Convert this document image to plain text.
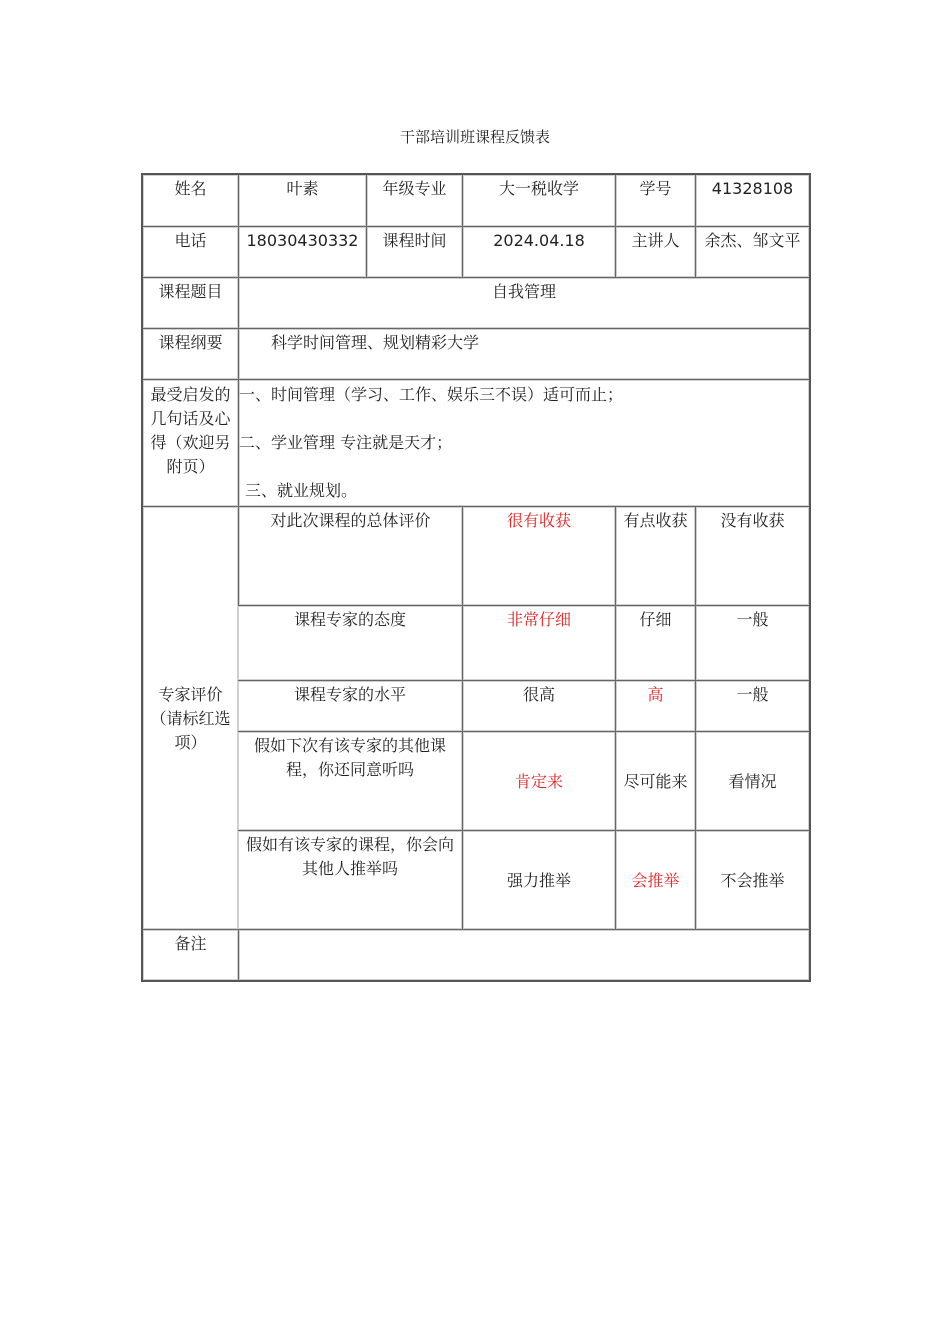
干部培训班课程反馈表
姓名	叶素	年级专业	大一税收学	学号	41328108	
电话	18030430332	课程时间	2024.04.18	主讲人	余杰、邹文平	
课程题目	自我管理					
课程纲要	科学时间管理、规划精彩大学					
最受启发的几句话及心得（欢迎另附页）	一、时间管理（学习、工作、娱乐三不误）适可而止；
二、学业管理 专注就是天才；
三、就业规划。					

专家评价（请标红选项）	对此次课程的总体评价		很有收获	有点收获	没有收获	
	课程专家的态度		非常仔细	仔细	一般	
	课程专家的水平		很高	高	一般	
	假如下次有该专家的其他课程，你还同意听吗		肯定来	尽可能来	看情况	
	假如有该专家的课程，你会向其他人推举吗		强力推举	会推举	不会推举	
备注						
